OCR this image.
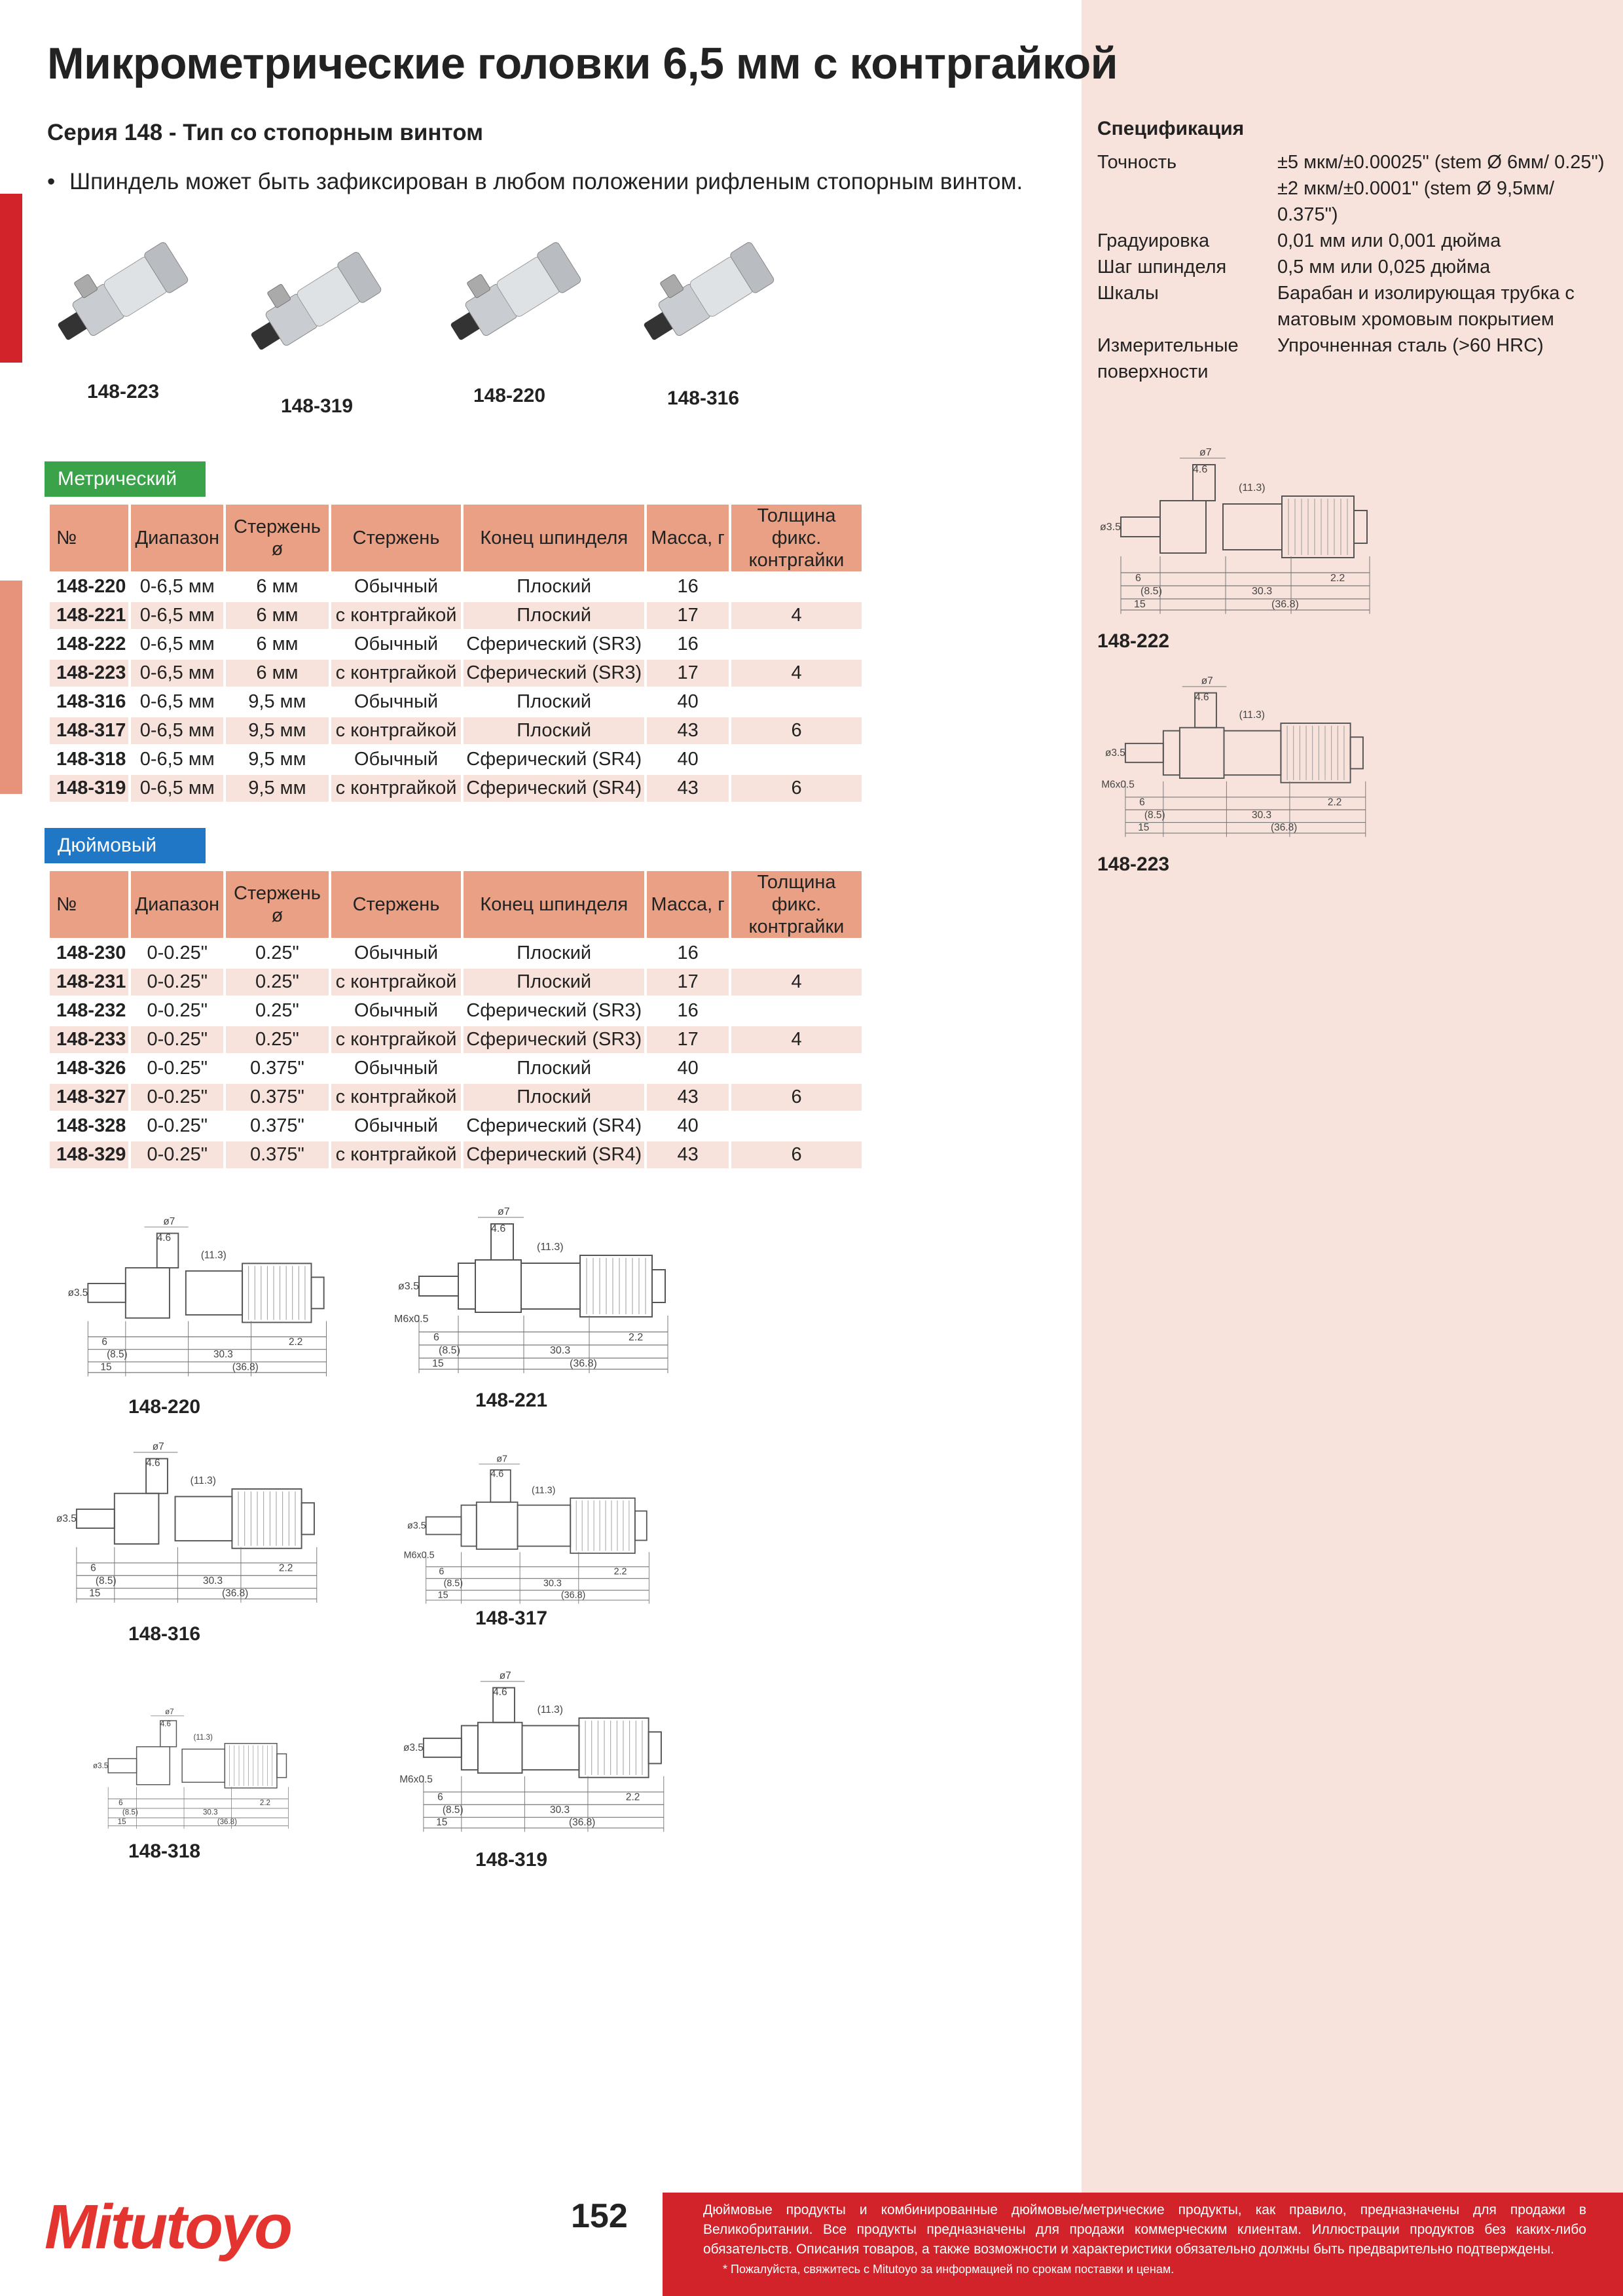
Микрометрические головки 6,5 мм с контргайкой
Серия 148 - Тип со стопорным винтом
• Шпиндель может быть зафиксирован в любом положении рифленым стопорным винтом.
148-223
148-319	148-220	148-316
Метрический
№	Диапазон	Стержень ø	Стержень	Конец шпинделя	Масса, г	Толщина фикс. контргайки
148-220	0-6,5 мм	6 мм	Обычный	Плоский	16	
148-221	0-6,5 мм	6 мм	с контргайкой	Плоский	17	4
148-222	0-6,5 мм	6 мм	Обычный	Сферический (SR3)	16	
148-223	0-6,5 мм	6 мм	с контргайкой	Сферический (SR3)	17	4
148-316	0-6,5 мм	9,5 мм	Обычный	Плоский	40	
148-317	0-6,5 мм	9,5 мм	с контргайкой	Плоский	43	6
148-318	0-6,5 мм	9,5 мм	Обычный	Сферический (SR4)	40	
148-319	0-6,5 мм	9,5 мм	с контргайкой	Сферический (SR4)	43	6
Дюймовый
№	Диапазон	Стержень ø	Стержень	Конец шпинделя	Масса, г	Толщина фикс. контргайки
148-230	0-0.25"	0.25"	Обычный	Плоский	16	
148-231	0-0.25"	0.25"	с контргайкой	Плоский	17	4
148-232	0-0.25"	0.25"	Обычный	Сферический (SR3)	16	
148-233	0-0.25"	0.25"	с контргайкой	Сферический (SR3)	17	4
148-326	0-0.25"	0.375"	Обычный	Плоский	40	
148-327	0-0.25"	0.375"	с контргайкой	Плоский	43	6
148-328	0-0.25"	0.375"	Обычный	Сферический (SR4)	40	
148-329	0-0.25"	0.375"	с контргайкой	Сферический (SR4)	43	6
Спецификация
Точность	±5 мкм/±0.00025" (stem Ø 6мм/ 0.25")
±2 мкм/±0.0001" (stem Ø 9,5мм/ 0.375")
Градуировка	0,01 мм или 0,001 дюйма
Шаг шпинделя	0,5 мм или 0,025 дюйма
Шкалы	Барабан и изолирующая трубка с матовым хромовым покрытием
Измерительные поверхности
Упрочненная сталь (>60 HRC)
ø7
4.6
(11.3)
ø3.5
6
(8.5)	30.3
2.2
15	(36.8)
148-222
ø7
4.6
(11.3)
ø3.5
6
(8.5)	30.3
2.2
15	(36.8)
M6x0.5
148-223
ø7
4.6
(11.3)
ø3.5
6
(8.5)	30.3
2.2
15	(36.8)
148-220
ø7
4.6
(11.3)
ø3.5
6
(8.5)	30.3
2.2
15	(36.8)
M6x0.5
148-221
ø7
4.6
(11.3)
ø3.5
6
(8.5)	30.3
2.2
15	(36.8)
148-316
ø7
4.6
(11.3)
ø3.5
6
(8.5)	30.3
2.2
15	(36.8)
M6x0.5
148-317
ø7
4.6
(11.3)
ø3.5
6
(8.5)	30.3
2.2
15	(36.8)
148-318
ø7
4.6
(11.3)
ø3.5
6
(8.5)	30.3
2.2
15	(36.8)
M6x0.5
148-319
Mitutoyo	152	Дюймовые продукты и комбинированные дюймовые/метрические продукты, как правило, предназначены для продажи в Великобритании. Все продукты предназначены для продажи коммерческим клиентам. Иллюстрации продуктов без каких-либо обязательств. Описания товаров, а также возможности и характеристики обязательно должны быть предварительно подтверждены.
* Пожалуйста, свяжитесь с Mitutoyo за информацией по срокам поставки и ценам.
